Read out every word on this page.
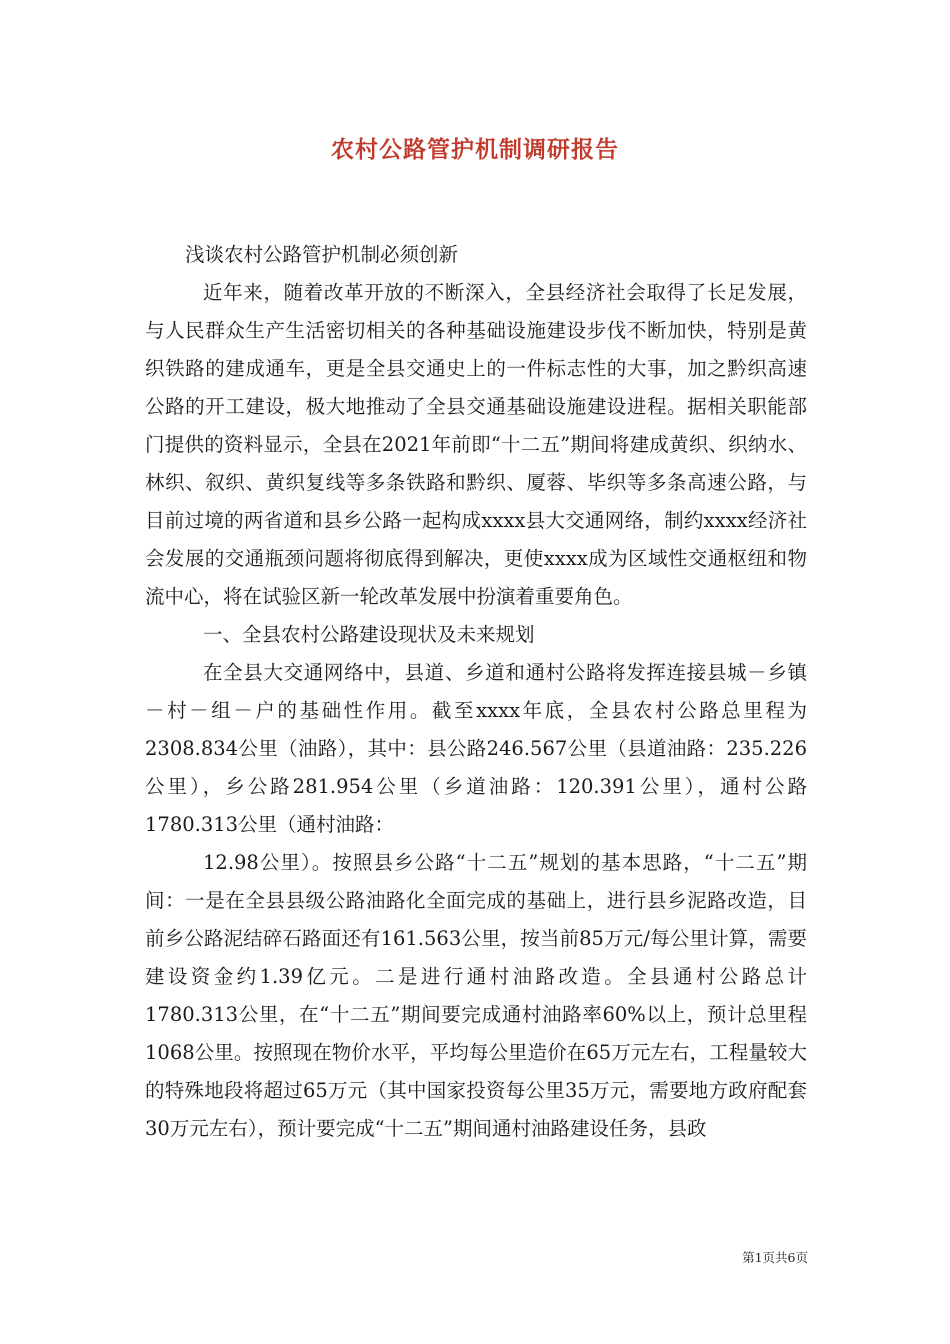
农村公路管护机制调研报告

浅谈农村公路管护机制必须创新

近年来，随着改革开放的不断深入，全县经济社会取得了长足发展，与人民群众生产生活密切相关的各种基础设施建设步伐不断加快，特别是黄织铁路的建成通车，更是全县交通史上的一件标志性的大事，加之黔织高速公路的开工建设，极大地推动了全县交通基础设施建设进程。据相关职能部门提供的资料显示，全县在2021年前即“十二五”期间将建成黄织、织纳水、林织、叙织、黄织复线等多条铁路和黔织、厦蓉、毕织等多条高速公路，与目前过境的两省道和县乡公路一起构成xxxx县大交通网络，制约xxxx经济社会发展的交通瓶颈问题将彻底得到解决，更使xxxx成为区域性交通枢纽和物流中心，将在试验区新一轮改革发展中扮演着重要角色。

一、全县农村公路建设现状及未来规划

在全县大交通网络中，县道、乡道和通村公路将发挥连接县城－乡镇－村－组－户的基础性作用。截至xxxx年底，全县农村公路总里程为2308.834公里（油路），其中：县公路246.567公里（县道油路：235.226公里），乡公路281.954公里（乡道油路：120.391公里），通村公路1780.313公里（通村油路：

12.98公里）。按照县乡公路“十二五”规划的基本思路，“十二五”期间：一是在全县县级公路油路化全面完成的基础上，进行县乡泥路改造，目前乡公路泥结碎石路面还有161.563公里，按当前85万元/每公里计算，需要建设资金约1.39亿元。二是进行通村油路改造。全县通村公路总计1780.313公里，在“十二五”期间要完成通村油路率60%以上，预计总里程1068公里。按照现在物价水平，平均每公里造价在65万元左右，工程量较大的特殊地段将超过65万元（其中国家投资每公里35万元，需要地方政府配套30万元左右），预计要完成“十二五”期间通村油路建设任务，县政

第1页共6页
